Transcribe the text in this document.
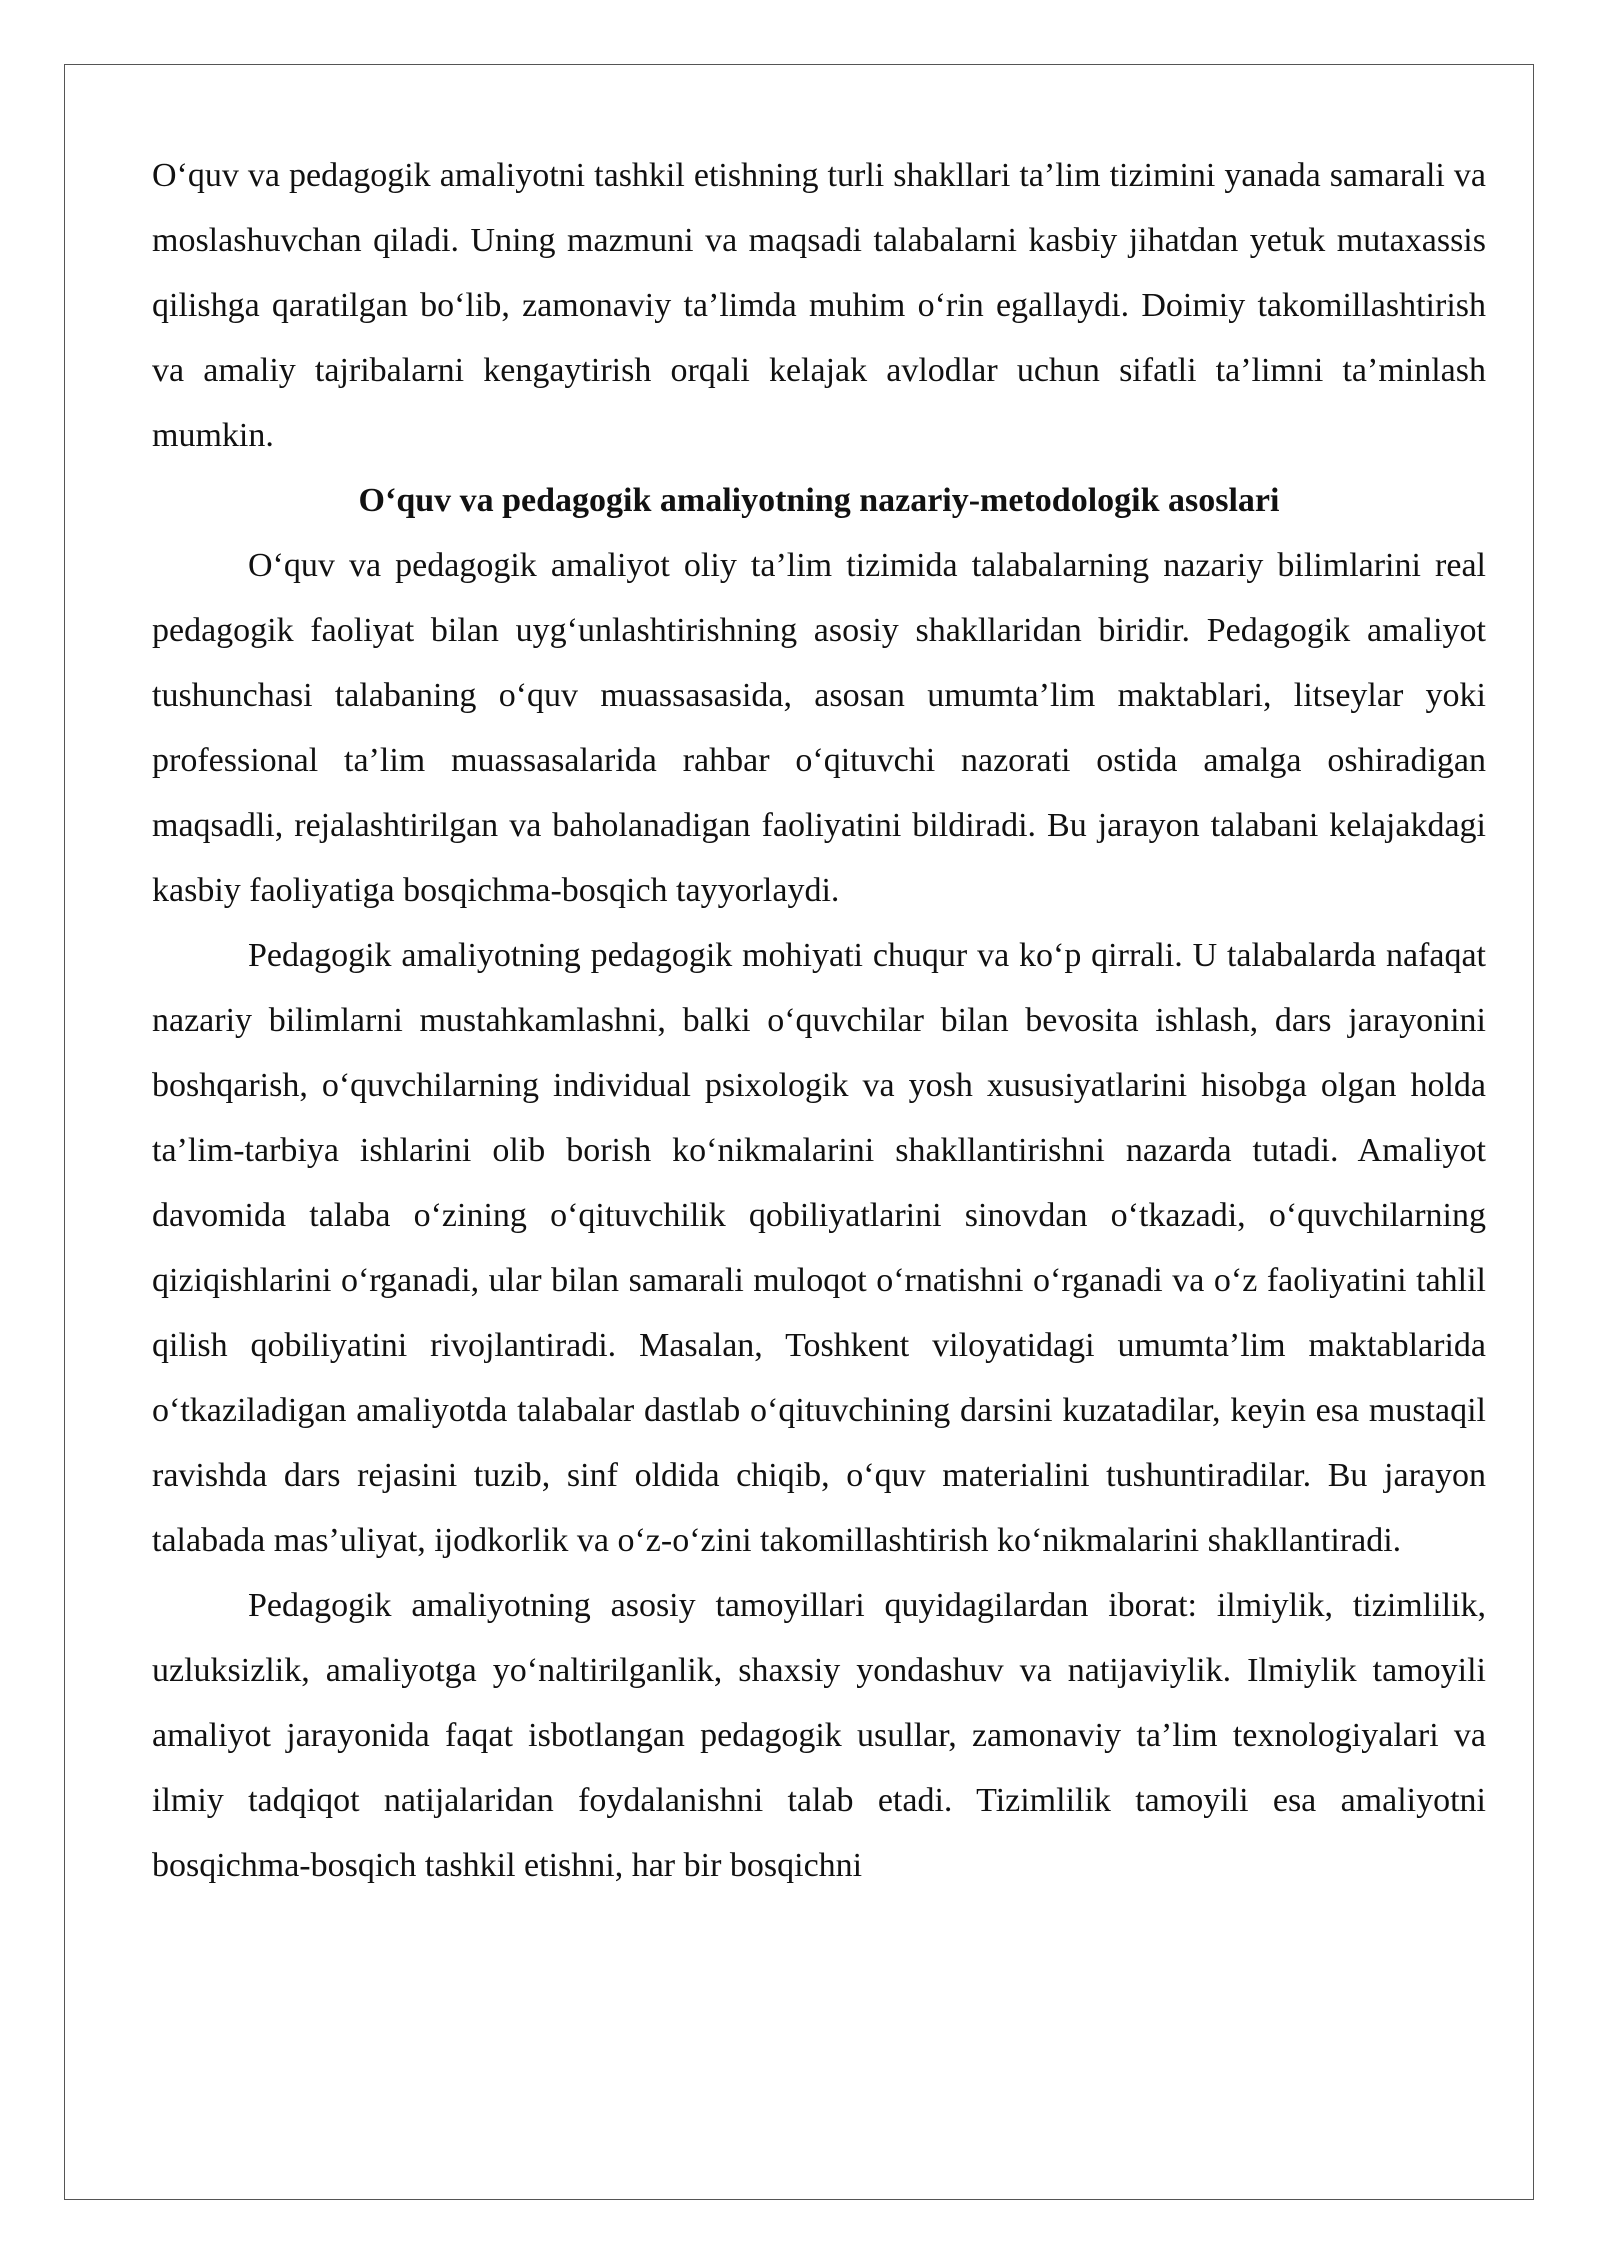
O‘quv va pedagogik amaliyotni tashkil etishning turli shakllari ta’lim tizimini yanada samarali va moslashuvchan qiladi. Uning mazmuni va maqsadi talabalarni kasbiy jihatdan yetuk mutaxassis qilishga qaratilgan bo‘lib, zamonaviy ta’limda muhim o‘rin egallaydi. Doimiy takomillashtirish va amaliy tajribalarni kengaytirish orqali kelajak avlodlar uchun sifatli ta’limni ta’minlash mumkin.

O‘quv va pedagogik amaliyotning nazariy-metodologik asoslari

O‘quv va pedagogik amaliyot oliy ta’lim tizimida talabalarning nazariy bilimlarini real pedagogik faoliyat bilan uyg‘unlashtirishning asosiy shakllaridan biridir. Pedagogik amaliyot tushunchasi talabaning o‘quv muassasasida, asosan umumta’lim maktablari, litseylar yoki professional ta’lim muassasalarida rahbar o‘qituvchi nazorati ostida amalga oshiradigan maqsadli, rejalashtirilgan va baholanadigan faoliyatini bildiradi. Bu jarayon talabani kelajakdagi kasbiy faoliyatiga bosqichma-bosqich tayyorlaydi.

Pedagogik amaliyotning pedagogik mohiyati chuqur va ko‘p qirrali. U talabalarda nafaqat nazariy bilimlarni mustahkamlashni, balki o‘quvchilar bilan bevosita ishlash, dars jarayonini boshqarish, o‘quvchilarning individual psixologik va yosh xususiyatlarini hisobga olgan holda ta’lim-tarbiya ishlarini olib borish ko‘nikmalarini shakllantirishni nazarda tutadi. Amaliyot davomida talaba o‘zining o‘qituvchilik qobiliyatlarini sinovdan o‘tkazadi, o‘quvchilarning qiziqishlarini o‘rganadi, ular bilan samarali muloqot o‘rnatishni o‘rganadi va o‘z faoliyatini tahlil qilish qobiliyatini rivojlantiradi. Masalan, Toshkent viloyatidagi umumta’lim maktablarida o‘tkaziladigan amaliyotda talabalar dastlab o‘qituvchining darsini kuzatadilar, keyin esa mustaqil ravishda dars rejasini tuzib, sinf oldida chiqib, o‘quv materialini tushuntiradilar. Bu jarayon talabada mas’uliyat, ijodkorlik va o‘z-o‘zini takomillashtirish ko‘nikmalarini shakllantiradi.

Pedagogik amaliyotning asosiy tamoyillari quyidagilardan iborat: ilmiylik, tizimlilik, uzluksizlik, amaliyotga yo‘naltirilganlik, shaxsiy yondashuv va natijaviylik. Ilmiylik tamoyili amaliyot jarayonida faqat isbotlangan pedagogik usullar, zamonaviy ta’lim texnologiyalari va ilmiy tadqiqot natijalaridan foydalanishni talab etadi. Tizimlilik tamoyili esa amaliyotni bosqichma-bosqich tashkil etishni, har bir bosqichni
